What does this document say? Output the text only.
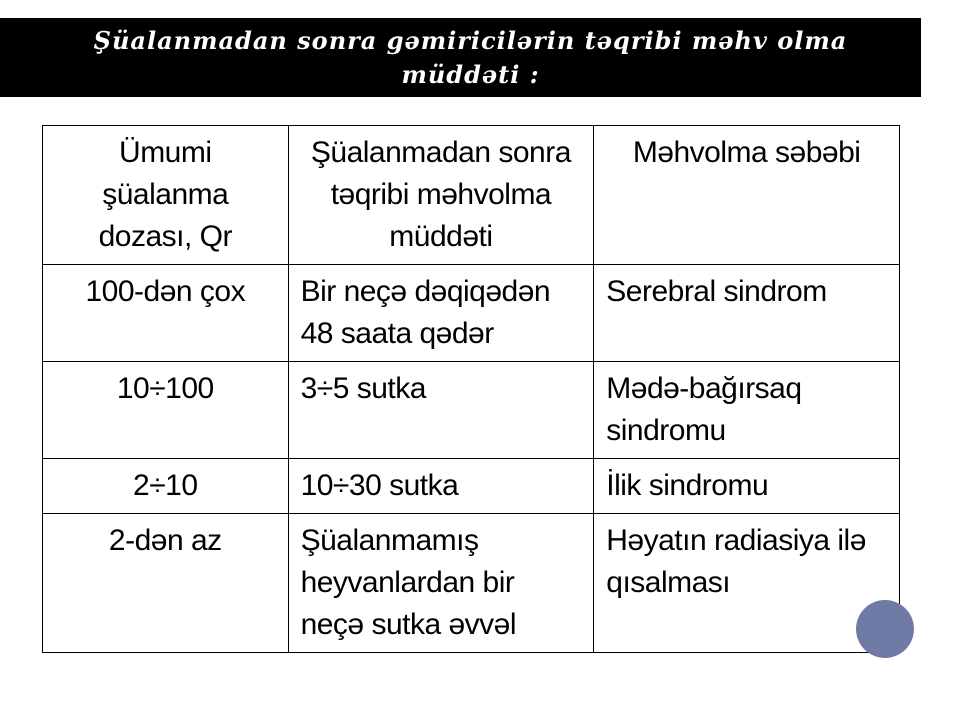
Şüalanmadan sonra gəmiricilərin təqribi məhv olma müddəti :
Ümumi şüalanma dozası, Qr	Şüalanmadan sonra təqribi məhvolma müddəti	Məhvolma səbəbi
100-dən çox	Bir neçə dəqiqədən 48 saata qədər	Serebral sindrom
10÷100	3÷5 sutka	Mədə-bağırsaq sindromu
2÷10	10÷30 sutka	İlik sindromu
2-dən az	Şüalanmamış heyvanlardan bir neçə sutka əvvəl	Həyatın radiasiya ilə qısalması
